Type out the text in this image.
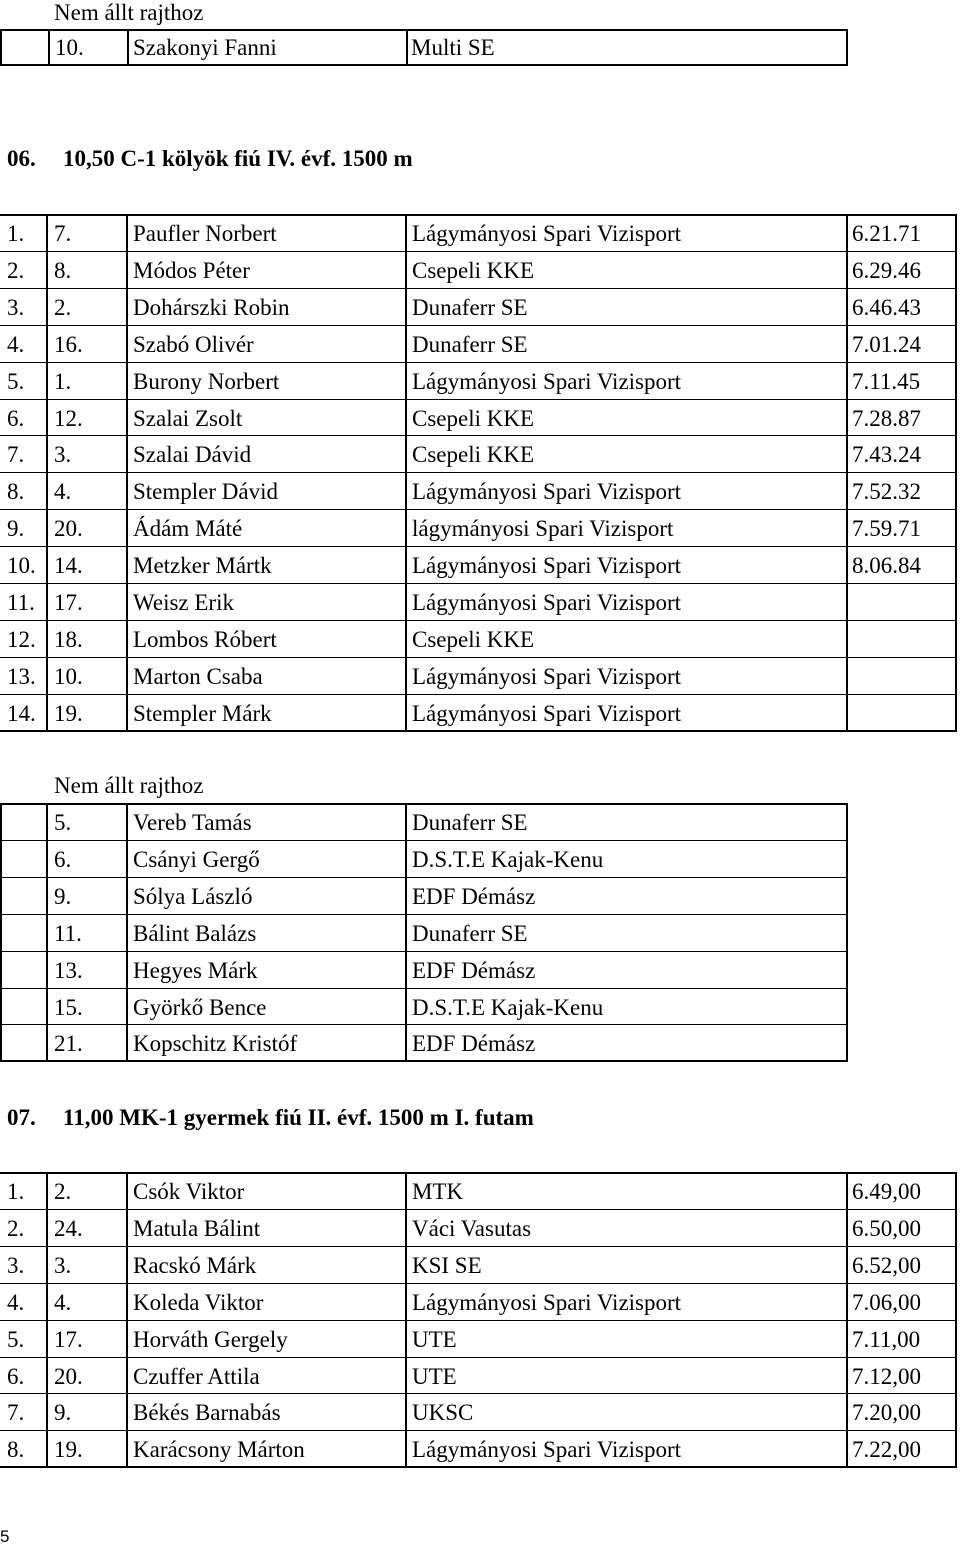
Nem állt rajthoz
	10.	Szakonyi Fanni	Multi SE
06. 10,50 C-1 kölyök fiú IV. évf. 1500 m
1. 7.	Paufler Norbert	Lágymányosi Spari Vizisport	6.21.71
2. 8.	Módos Péter	Csepeli KKE	6.29.46
3. 2.	Dohárszki Robin	Dunaferr SE	6.46.43
4. 16. Szabó Olivér	Dunaferr SE	7.01.24
5. 1.	Burony Norbert	Lágymányosi Spari Vizisport	7.11.45
6. 12. Szalai Zsolt	Csepeli KKE	7.28.87
7. 3.	Szalai Dávid	Csepeli KKE	7.43.24
8. 4.	Stempler Dávid	Lágymányosi Spari Vizisport	7.52.32
9. 20. Ádám Máté	lágymányosi Spari Vizisport	7.59.71
10. 14. Metzker Mártk	Lágymányosi Spari Vizisport	8.06.84
11. 17. Weisz Erik	Lágymányosi Spari Vizisport
12. 18. Lombos Róbert	Csepeli KKE
13. 10. Marton Csaba	Lágymányosi Spari Vizisport
14. 19. Stempler Márk	Lágymányosi Spari Vizisport
Nem állt rajthoz
5.	Vereb Tamás	Dunaferr SE
6.	Csányi Gergő	D.S.T.E Kajak-Kenu
9.	Sólya László	EDF Démász
11. Bálint Balázs	Dunaferr SE
13. Hegyes Márk	EDF Démász
15. Györkő Bence	D.S.T.E Kajak-Kenu
21. Kopschitz Kristóf	EDF Démász
07. 11,00 MK-1 gyermek fiú II. évf. 1500 m I. futam
1. 2.	Csók Viktor	MTK	6.49,00
2. 24. Matula Bálint	Váci Vasutas	6.50,00
3. 3.	Racskó Márk	KSI SE	6.52,00
4. 4.	Koleda Viktor	Lágymányosi Spari Vizisport	7.06,00
5. 17. Horváth Gergely	UTE	7.11,00
6. 20. Czuffer Attila	UTE	7.12,00
7. 9.	Békés Barnabás	UKSC	7.20,00
8. 19. Karácsony Márton	Lágymányosi Spari Vizisport	7.22,00
5
